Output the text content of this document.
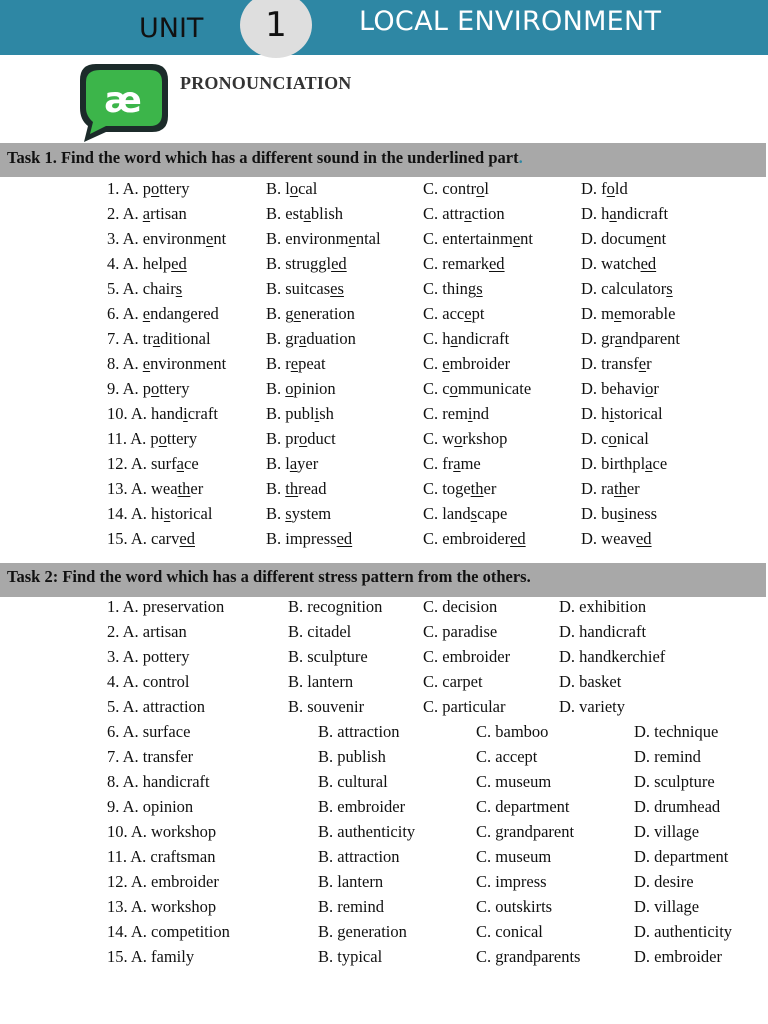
UNIT 1	LOCAL ENVIRONMENT
æ PRONOUNCIATION
Task 1. Find the word which has a different sound in the underlined part.
1. A. pottery	B. local	C. control	D. fold
2. A. artisan	B. establish	C. attraction	D. handicraft
3. A. environment B. environmental	C. entertainment	D. document
4. A. helped	B. struggled	C. remarked	D. watched
5. A. chairs	B. suitcases	C. things	D. calculators
6. A. endangered	B. generation	C. accept	D. memorable
7. A. traditional	B. graduation	C. handicraft	D. grandparent
8. A. environment B. repeat	C. embroider	D. transfer
9. A. pottery	B. opinion	C. communicate	D. behavior
10. A. handicraft	B. publish	C. remind	D. historical
11. A. pottery	B. product	C. workshop	D. conical
12. A. surface	B. layer	C. frame	D. birthplace
13. A. weather	B. thread	C. together	D. rather
14. A. historical	B. system	C. landscape	D. business
15. A. carved	B. impressed	C. embroidered	D. weaved
Task 2: Find the word which has a different stress pattern from the others.
1. A. preservation	B. recognition C. decision	D. exhibition
2. A. artisan	B. citadel	C. paradise	D. handicraft
3. A. pottery	B. sculpture	C. embroider	D. handkerchief
4. A. control	B. lantern	C. carpet	D. basket
5. A. attraction	B. souvenir	C. particular	D. variety
6. A. surface	B. attraction	C. bamboo	D. technique
7. A. transfer	B. publish	C. accept	D. remind
8. A. handicraft	B. cultural	C. museum	D. sculpture
9. A. opinion	B. embroider	C. department	D. drumhead
10. A. workshop	B. authenticity	C. grandparent	D. village
11. A. craftsman	B. attraction	C. museum	D. department
12. A. embroider	B. lantern	C. impress	D. desire
13. A. workshop	B. remind	C. outskirts	D. village
14. A. competition	B. generation	C. conical	D. authenticity
15. A. family	B. typical	C. grandparents	D. embroider
